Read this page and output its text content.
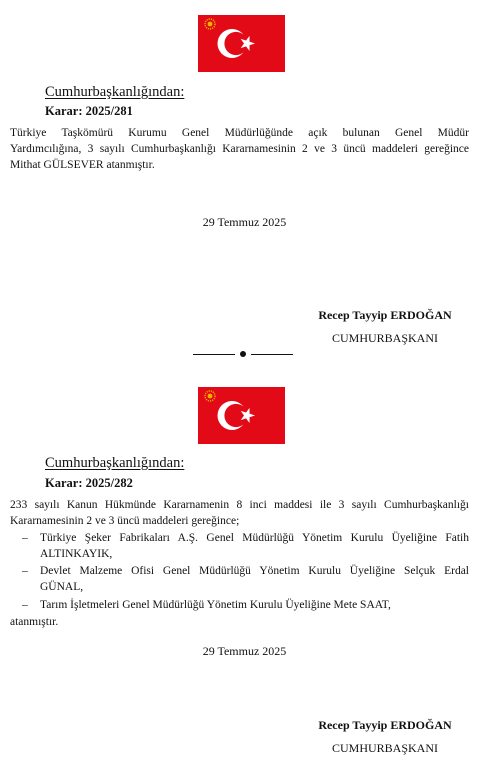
Cumhurbaşkanlığından:
Karar: 2025/281
Türkiye Taşkömürü Kurumu Genel Müdürlüğünde açık bulunan Genel Müdür
Yardımcılığına, 3 sayılı Cumhurbaşkanlığı Kararnamesinin 2 ve 3 üncü maddeleri gereğince
Mithat GÜLSEVER atanmıştır.
29 Temmuz 2025
Recep Tayyip ERDOĞAN
CUMHURBAŞKANI
Cumhurbaşkanlığından:
Karar: 2025/282
233 sayılı Kanun Hükmünde Kararnamenin 8 inci maddesi ile 3 sayılı Cumhurbaşkanlığı
Kararnamesinin 2 ve 3 üncü maddeleri gereğince;
– Türkiye Şeker Fabrikaları A.Ş. Genel Müdürlüğü Yönetim Kurulu Üyeliğine Fatih
ALTINKAYIK,
– Devlet Malzeme Ofisi Genel Müdürlüğü Yönetim Kurulu Üyeliğine Selçuk Erdal
GÜNAL,
– Tarım İşletmeleri Genel Müdürlüğü Yönetim Kurulu Üyeliğine Mete SAAT,
atanmıştır.
29 Temmuz 2025
Recep Tayyip ERDOĞAN
CUMHURBAŞKANI
